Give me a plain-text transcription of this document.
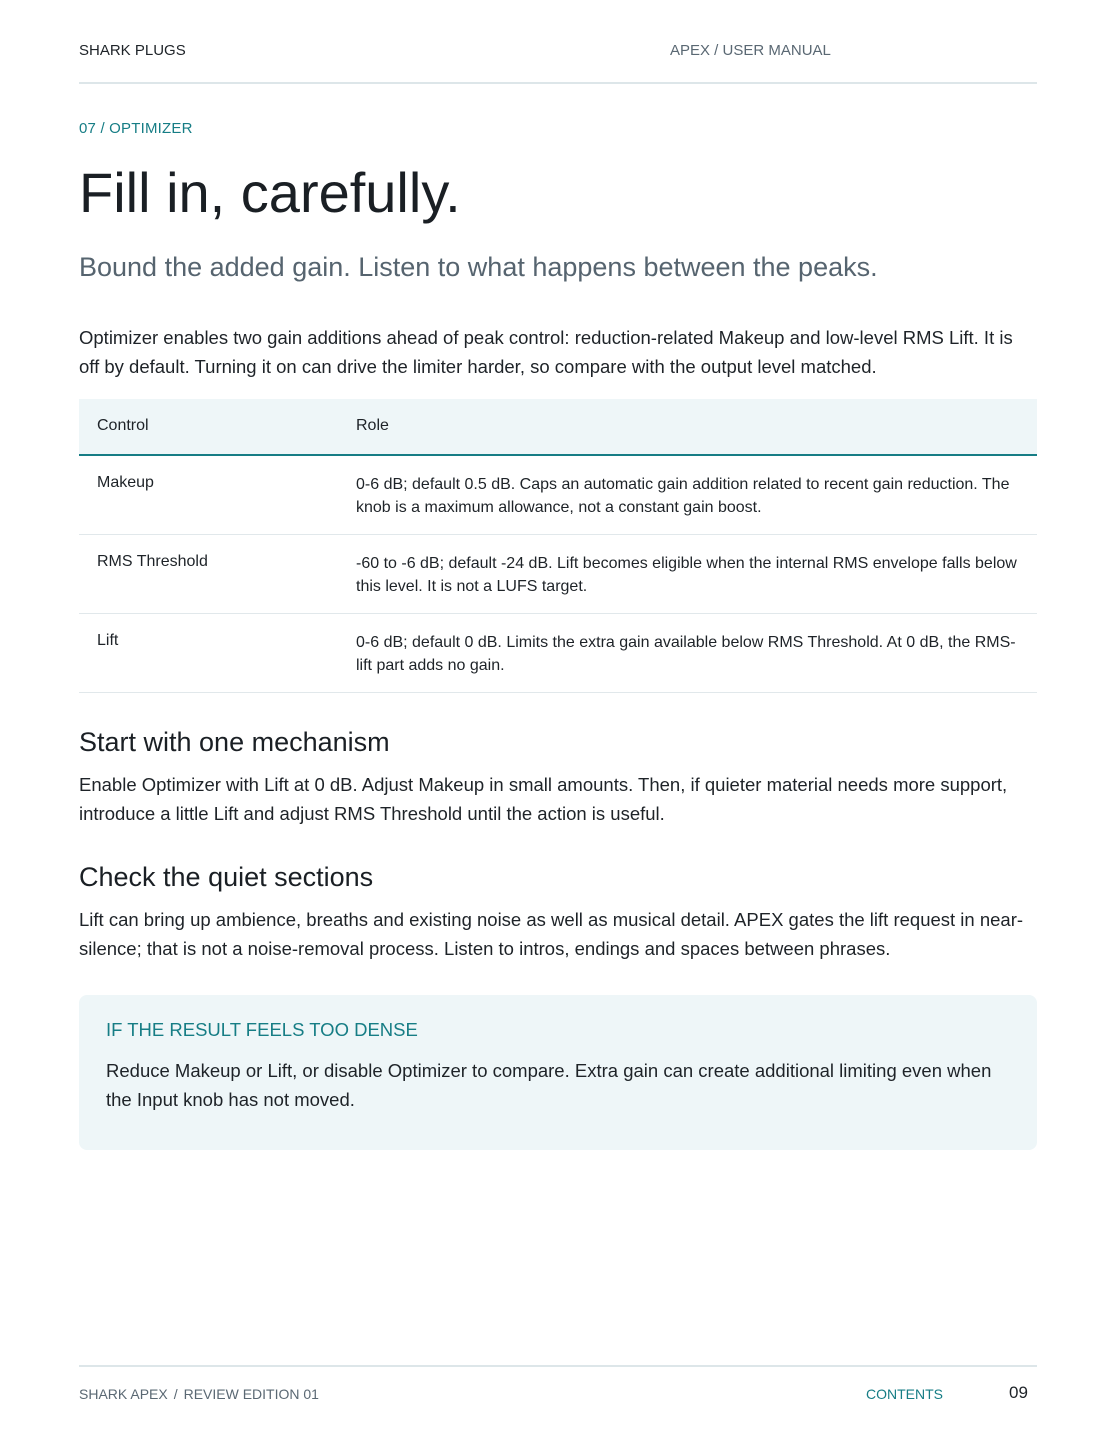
SHARK PLUGS	APEX / USER MANUAL
07 / OPTIMIZER
Fill in, carefully.
Bound the added gain. Listen to what happens between the peaks.

Optimizer enables two gain additions ahead of peak control: reduction-related Makeup and low-level RMS Lift. It is off by default. Turning it on can drive the limiter harder, so compare with the output level matched.

Control	Role
Makeup	0-6 dB; default 0.5 dB. Caps an automatic gain addition related to recent gain reduction. The knob is a maximum allowance, not a constant gain boost.
RMS Threshold	-60 to -6 dB; default -24 dB. Lift becomes eligible when the internal RMS envelope falls below this level. It is not a LUFS target.
Lift	0-6 dB; default 0 dB. Limits the extra gain available below RMS Threshold. At 0 dB, the RMS-lift part adds no gain.
Start with one mechanism

Enable Optimizer with Lift at 0 dB. Adjust Makeup in small amounts. Then, if quieter material needs more support, introduce a little Lift and adjust RMS Threshold until the action is useful.

Check the quiet sections

Lift can bring up ambience, breaths and existing noise as well as musical detail. APEX gates the lift request in near-silence; that is not a noise-removal process. Listen to intros, endings and spaces between phrases.

IF THE RESULT FEELS TOO DENSE

Reduce Makeup or Lift, or disable Optimizer to compare. Extra gain can create additional limiting even when the Input knob has not moved.

SHARK APEX / REVIEW EDITION 01	CONTENTS	09
